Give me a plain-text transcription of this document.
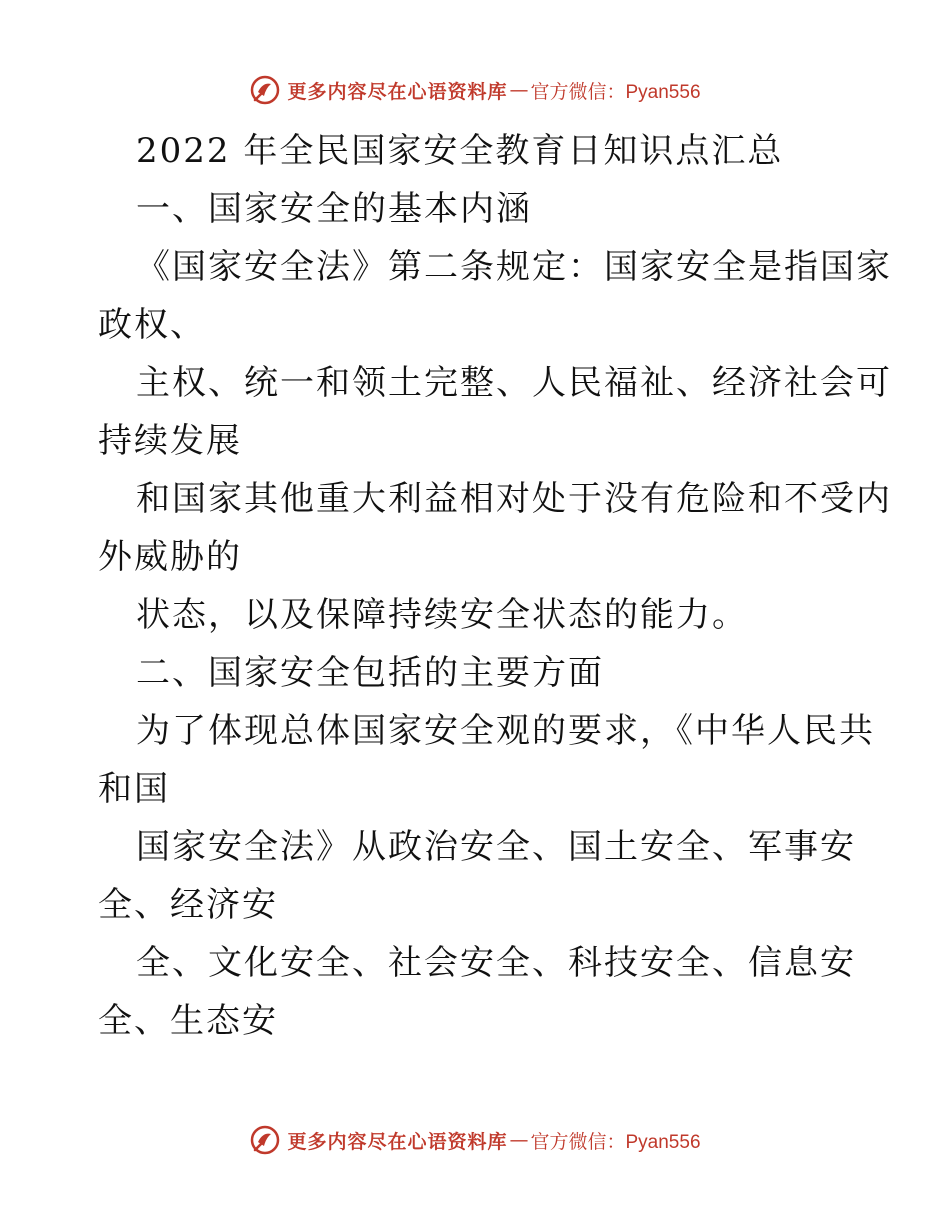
更多内容尽在心语资料库 — 官方微信：Pyan556
2022 年全民国家安全教育日知识点汇总
一、国家安全的基本内涵
《国家安全法》第二条规定：国家安全是指国家
政权、
主权、统一和领土完整、人民福祉、经济社会可
持续发展
和国家其他重大利益相对处于没有危险和不受内
外威胁的
状态，以及保障持续安全状态的能力。
二、国家安全包括的主要方面
为了体现总体国家安全观的要求，《中华人民共
和国
国家安全法》从政治安全、国土安全、军事安
全、经济安
全、文化安全、社会安全、科技安全、信息安
全、生态安
更多内容尽在心语资料库 — 官方微信：Pyan556
